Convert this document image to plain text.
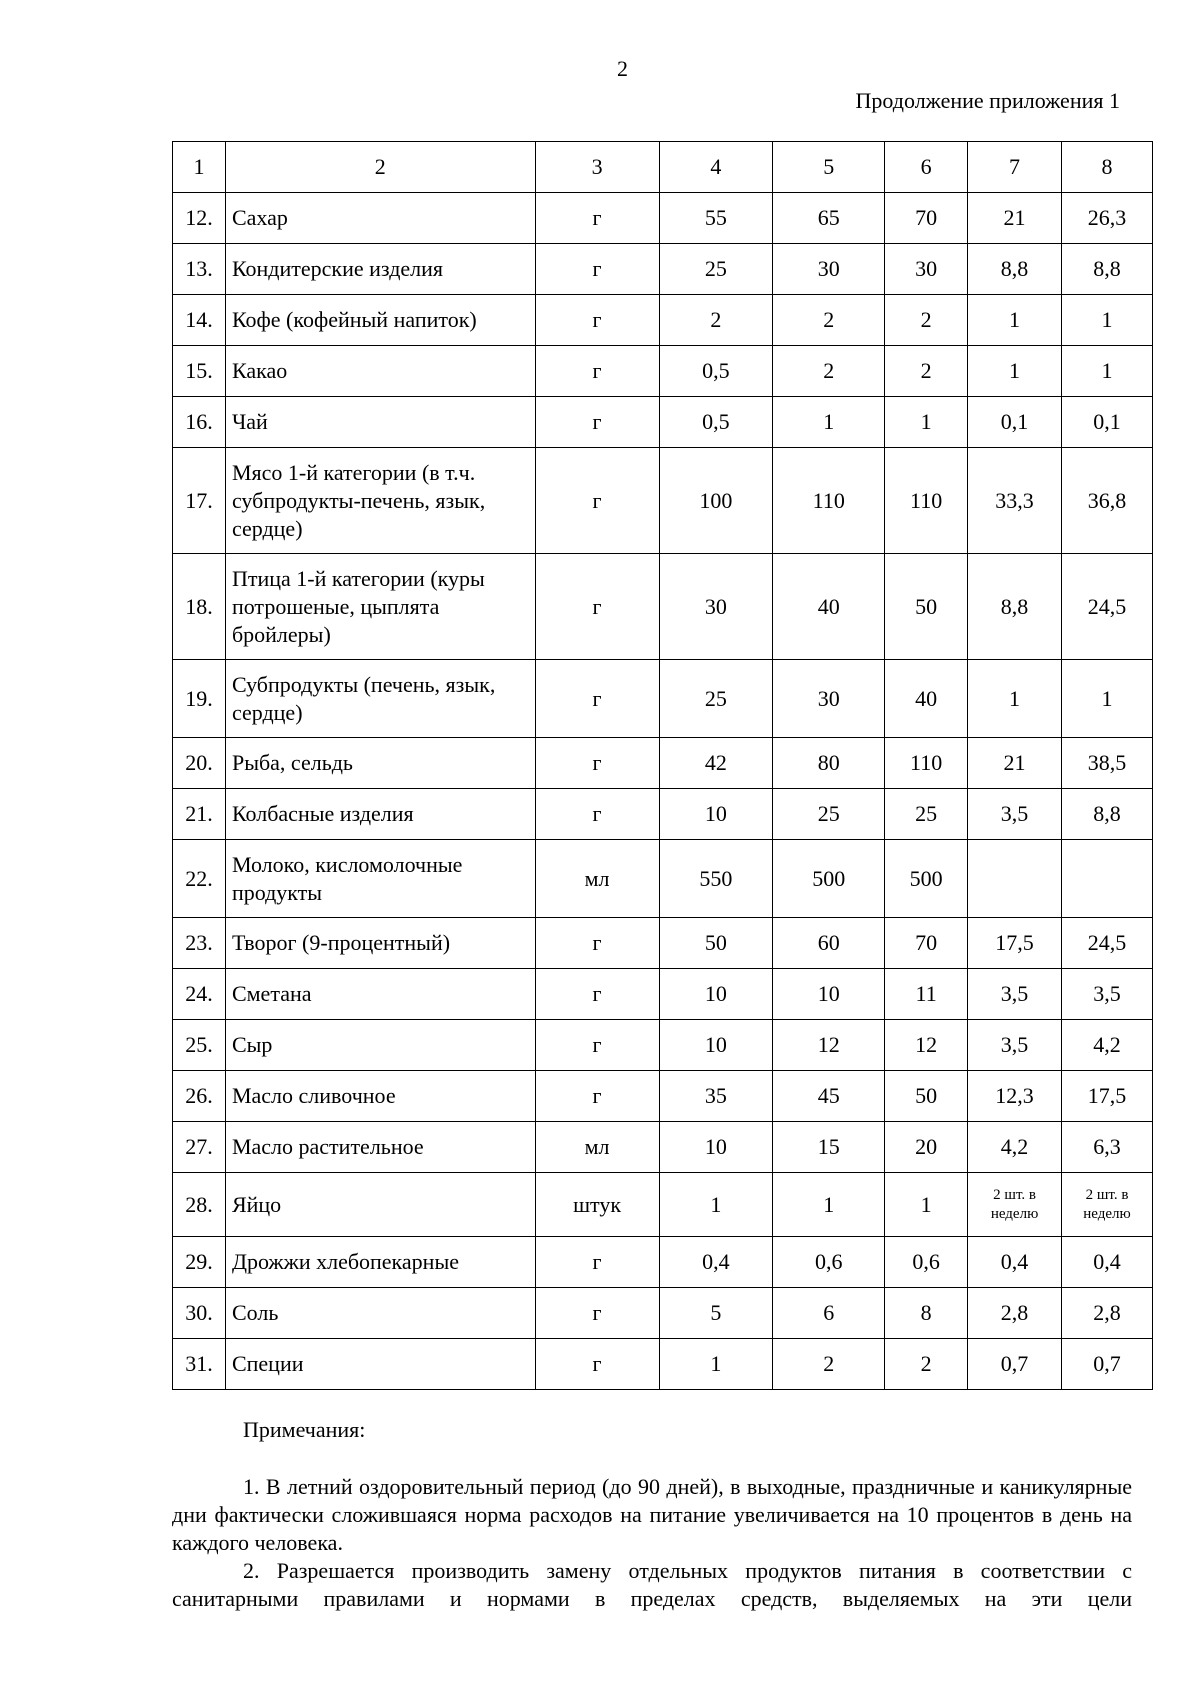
2
Продолжение приложения 1
1	2	3	4	5	6	7	8
12.	Сахар	г	55	65	70	21	26,3
13.	Кондитерские изделия	г	25	30	30	8,8	8,8
14.	Кофе (кофейный напиток)	г	2	2	2	1	1
15.	Какао	г	0,5	2	2	1	1
16.	Чай	г	0,5	1	1	0,1	0,1
17.	Мясо 1-й категории (в т.ч. субпродукты-печень, язык, сердце)	г	100	110	110	33,3	36,8
18.	Птица 1-й категории (куры потрошеные, цыплята бройлеры)	г	30	40	50	8,8	24,5
19.	Субпродукты (печень, язык, сердце)	г	25	30	40	1	1
20.	Рыба, сельдь	г	42	80	110	21	38,5
21.	Колбасные изделия	г	10	25	25	3,5	8,8
22.	Молоко, кисломолочные продукты	мл	550	500	500		
23.	Творог (9-процентный)	г	50	60	70	17,5	24,5
24.	Сметана	г	10	10	11	3,5	3,5
25.	Сыр	г	10	12	12	3,5	4,2
26.	Масло сливочное	г	35	45	50	12,3	17,5
27.	Масло растительное	мл	10	15	20	4,2	6,3
28.	Яйцо	штук	1	1	1	2 шт. в неделю	2 шт. в неделю
29.	Дрожжи хлебопекарные	г	0,4	0,6	0,6	0,4	0,4
30.	Соль	г	5	6	8	2,8	2,8
31.	Специи	г	1	2	2	0,7	0,7

Примечания:

1. В летний оздоровительный период (до 90 дней), в выходные, праздничные и каникулярные дни фактически сложившаяся норма расходов на питание увеличивается на 10 процентов в день на каждого человека.

2. Разрешается производить замену отдельных продуктов питания в соответствии с санитарными правилами и нормами в пределах средств, выделяемых на эти цели
